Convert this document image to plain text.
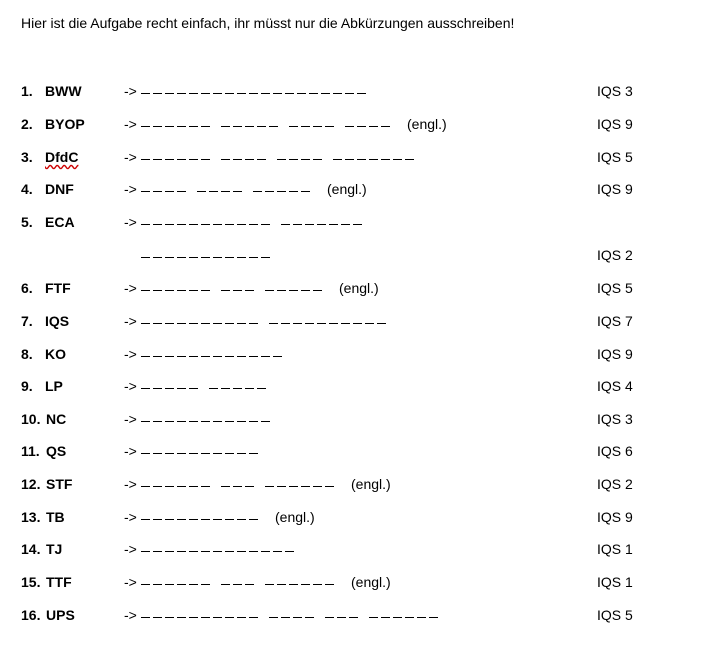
Hier ist die Aufgabe recht einfach, ihr müsst nur die Abkürzungen ausschreiben!
1. BWW	->	IQS 3
2. BYOP	->	(engl.)	IQS 9
3. DfdC	->	IQS 5
4. DNF	->	(engl.)	IQS 9
5. ECA	->
IQS 2
6. FTF	->	(engl.)	IQS 5
7. IQS	->	IQS 7
8. KO	->	IQS 9
9. LP	->	IQS 4
10. NC	->	IQS 3
11. QS	->	IQS 6
12. STF	->	(engl.)	IQS 2
13. TB	->	(engl.)	IQS 9
14. TJ	->	IQS 1
15. TTF	->	(engl.)	IQS 1
16. UPS	->	IQS 5
